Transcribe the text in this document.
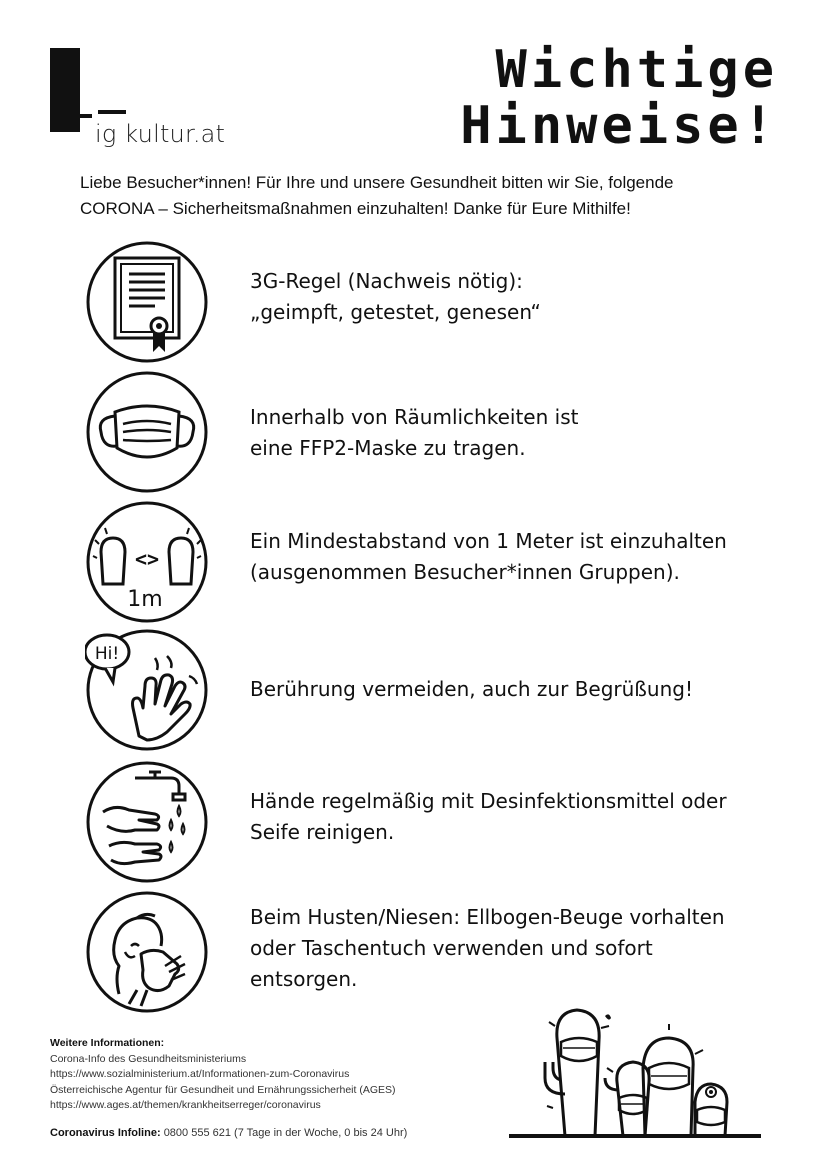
ig kultur.at
Wichtige
Hinweise!
Liebe Besucher*innen! Für Ihre und unsere Gesundheit bitten wir Sie, folgende
CORONA – Sicherheitsmaßnahmen einzuhalten! Danke für Eure Mithilfe!
3G-Regel (Nachweis nötig):
„geimpft, getestet, genesen“
Innerhalb von Räumlichkeiten ist
eine FFP2-Maske zu tragen.
<>
1m
Ein Mindestabstand von 1 Meter ist einzuhalten
(ausgenommen Besucher*innen Gruppen).
Hi!
Berührung vermeiden, auch zur Begrüßung!
Hände regelmäßig mit Desinfektionsmittel oder
Seife reinigen.
Beim Husten/Niesen: Ellbogen-Beuge vorhalten
oder Taschentuch verwenden und sofort
entsorgen.
Weitere Informationen:
Corona-Info des Gesundheitsministeriums
https://www.sozialministerium.at/Informationen-zum-Coronavirus
Österreichische Agentur für Gesundheit und Ernährungssicherheit (AGES)
https://www.ages.at/themen/krankheitserreger/coronavirus
Coronavirus Infoline: 0800 555 621 (7 Tage in der Woche, 0 bis 24 Uhr)
